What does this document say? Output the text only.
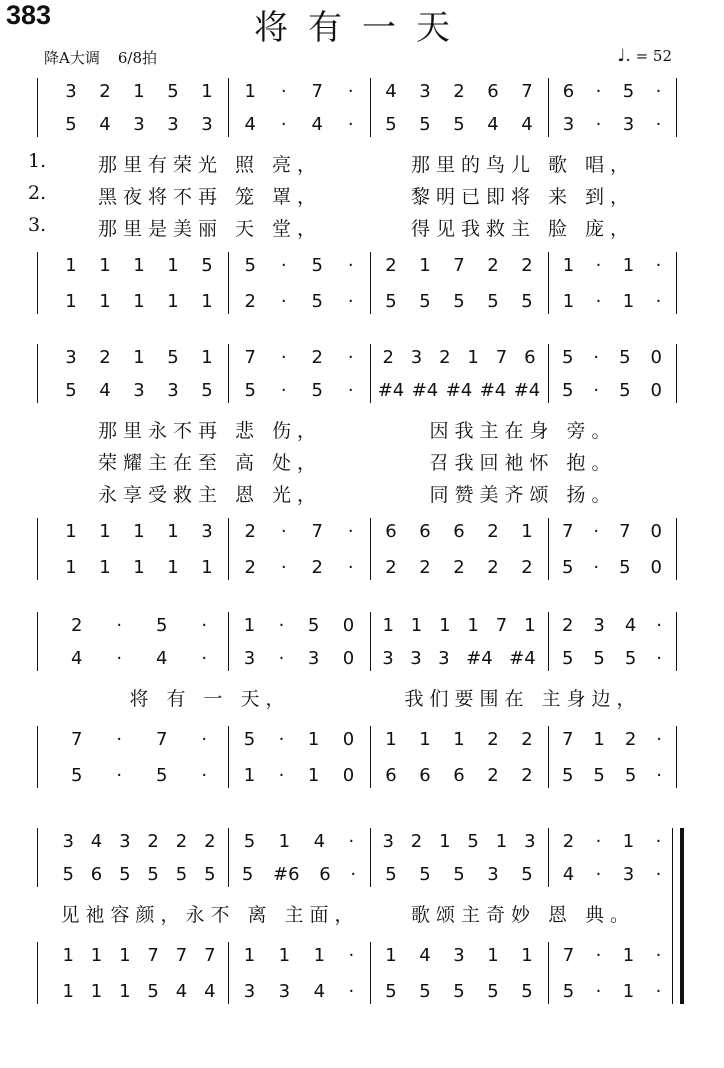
383	将有一天
降A大调 6/8拍	♩. = 52
3 2 1 5 1 1 · 7 · 4 3 2 6 7 6 · 5 ·
5 4 3 3 3 4 · 4 · 5 5 5 4 4 3 · 3 ·
1.	那里有荣光 照 亮，	那里的鸟儿 歌 唱，
2.	黑夜将不再 笼 罩，	黎明已即将 来 到，
3.	那里是美丽 天 堂，	得见我救主 脸 庞，
1 1 1 1 5 5 · 5 · 2 1 7 2 2 1 · 1 ·
1 1 1 1 1 2 · 5 · 5 5 5 5 5 1 · 1 ·
3 2 1 5 1 7 · 2 · 2 3 2 1 7 6 5 · 5 0
5 4 3 3 5 5 · 5 · #4 #4 #4 #4 #4 5 · 5 0
那里永不再 悲 伤，	因我主在身 旁。
荣耀主在至 高 处，	召我回祂怀 抱。
永享受救主 恩 光，	同赞美齐颂 扬。
1 1 1 1 3 2 · 7 · 6 6 6 2 1 7 · 7 0
1 1 1 1 1 2 · 2 · 2 2 2 2 2 5 · 5 0
2 · 5 · 1 · 5 0 1 1 1 1 7 1 2 3 4 ·
4 · 4 · 3 · 3 0 3 3 3 #4 #4 5 5 5 ·
将 有 一 天，	我们要围在 主身边，
7 · 7 · 5 · 1 0 1 1 1 2 2 7 1 2 ·
5 · 5 · 1 · 1 0 6 6 6 2 2 5 5 5 ·
3 4 3 2 2 2 5 1 4 · 3 2 1 5 1 3 2 · 1 ·
5 6 5 5 5 5 5 #6 6 · 5 5 5 3 5 4 · 3 ·
见祂容颜，永不 离 主面，	歌颂主奇妙 恩 典。
1 1 1 7 7 7 1 1 1 · 1 4 3 1 1 7 · 1 ·
1 1 1 5 4 4 3 3 4 · 5 5 5 5 5 5 · 1 ·
